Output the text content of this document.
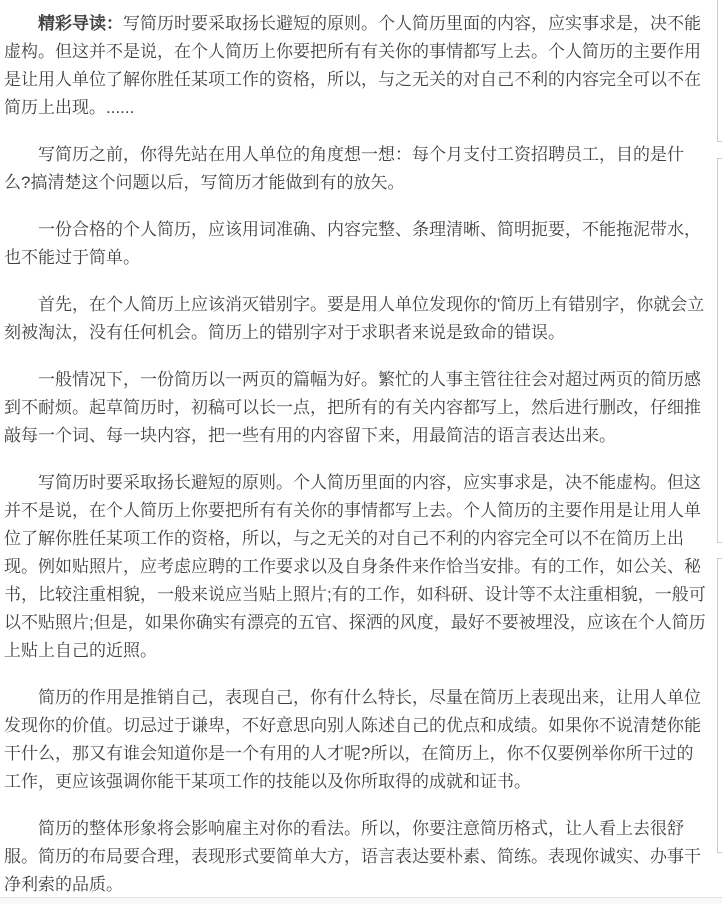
精彩导读：写简历时要采取扬长避短的原则。个人简历里面的内容，应实事求是，决不能虚构。但这并不是说，在个人简历上你要把所有有关你的事情都写上去。个人简历的主要作用是让用人单位了解你胜任某项工作的资格，所以，与之无关的对自己不利的内容完全可以不在简历上出现。......

写简历之前，你得先站在用人单位的角度想一想：每个月支付工资招聘员工，目的是什么?搞清楚这个问题以后，写简历才能做到有的放矢。

一份合格的个人简历，应该用词准确、内容完整、条理清晰、简明扼要，不能拖泥带水，也不能过于简单。

首先，在个人简历上应该消灭错别字。要是用人单位发现你的'简历上有错别字，你就会立刻被淘汰，没有任何机会。简历上的错别字对于求职者来说是致命的错误。

一般情况下，一份简历以一两页的篇幅为好。繁忙的人事主管往往会对超过两页的简历感到不耐烦。起草简历时，初稿可以长一点，把所有的有关内容都写上，然后进行删改，仔细推敲每一个词、每一块内容，把一些有用的内容留下来，用最简洁的语言表达出来。

写简历时要采取扬长避短的原则。个人简历里面的内容，应实事求是，决不能虚构。但这并不是说，在个人简历上你要把所有有关你的事情都写上去。个人简历的主要作用是让用人单位了解你胜任某项工作的资格，所以，与之无关的对自己不利的内容完全可以不在简历上出现。例如贴照片，应考虑应聘的工作要求以及自身条件来作恰当安排。有的工作，如公关、秘书，比较注重相貌，一般来说应当贴上照片;有的工作，如科研、设计等不太注重相貌，一般可以不贴照片;但是，如果你确实有漂亮的五官、探洒的风度，最好不要被埋没，应该在个人简历上贴上自己的近照。

简历的作用是推销自己，表现自己，你有什么特长，尽量在简历上表现出来，让用人单位发现你的价值。切忌过于谦卑，不好意思向别人陈述自己的优点和成绩。如果你不说清楚你能干什么，那又有谁会知道你是一个有用的人才呢?所以，在简历上，你不仅要例举你所干过的工作，更应该强调你能干某项工作的技能以及你所取得的成就和证书。

简历的整体形象将会影响雇主对你的看法。所以，你要注意简历格式，让人看上去很舒服。简历的布局要合理，表现形式要简单大方，语言表达要朴素、简练。表现你诚实、办事干净利索的品质。
